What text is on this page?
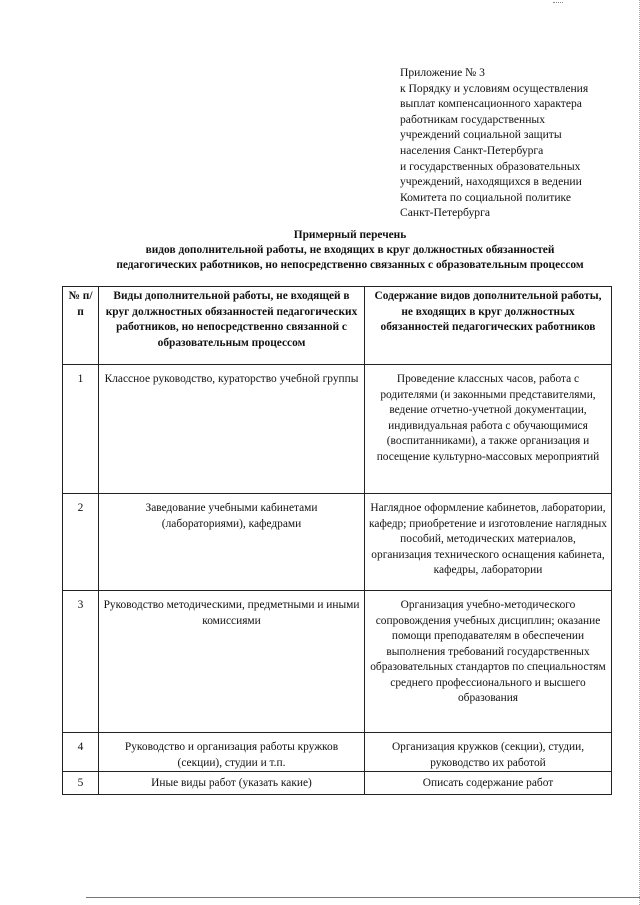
Приложение № 3
к Порядку и условиям осуществления
выплат компенсационного характера
работникам государственных
учреждений социальной защиты
населения Санкт-Петербурга
и государственных образовательных
учреждений, находящихся в ведении
Комитета по социальной политике
Санкт-Петербурга
Примерный перечень
видов дополнительной работы, не входящих в круг должностных обязанностей
педагогических работников, но непосредственно связанных с образовательным процессом
№ п/п	Виды дополнительной работы, не входящей в круг должностных обязанностей педагогических работников, но непосредственно связанной с образовательным процессом	Содержание видов дополнительной работы, не входящих в круг должностных обязанностей педагогических работников
1	Классное руководство, кураторство учебной группы	Проведение классных часов, работа с родителями (и законными представителями, ведение отчетно-учетной документации, индивидуальная работа с обучающимися (воспитанниками), а также организация и посещение культурно-массовых мероприятий
2	Заведование учебными кабинетами (лабораториями), кафедрами	Наглядное оформление кабинетов, лаборатории, кафедр; приобретение и изготовление наглядных пособий, методических материалов, организация технического оснащения кабинета, кафедры, лаборатории
3	Руководство методическими, предметными и иными комиссиями	Организация учебно-методического сопровождения учебных дисциплин; оказание помощи преподавателям в обеспечении выполнения требований государственных образовательных стандартов по специальностям среднего профессионального и высшего образования
4	Руководство и организация работы кружков (секции), студии и т.п.	Организация кружков (секции), студии, руководство их работой
5	Иные виды работ (указать какие)	Описать содержание работ
